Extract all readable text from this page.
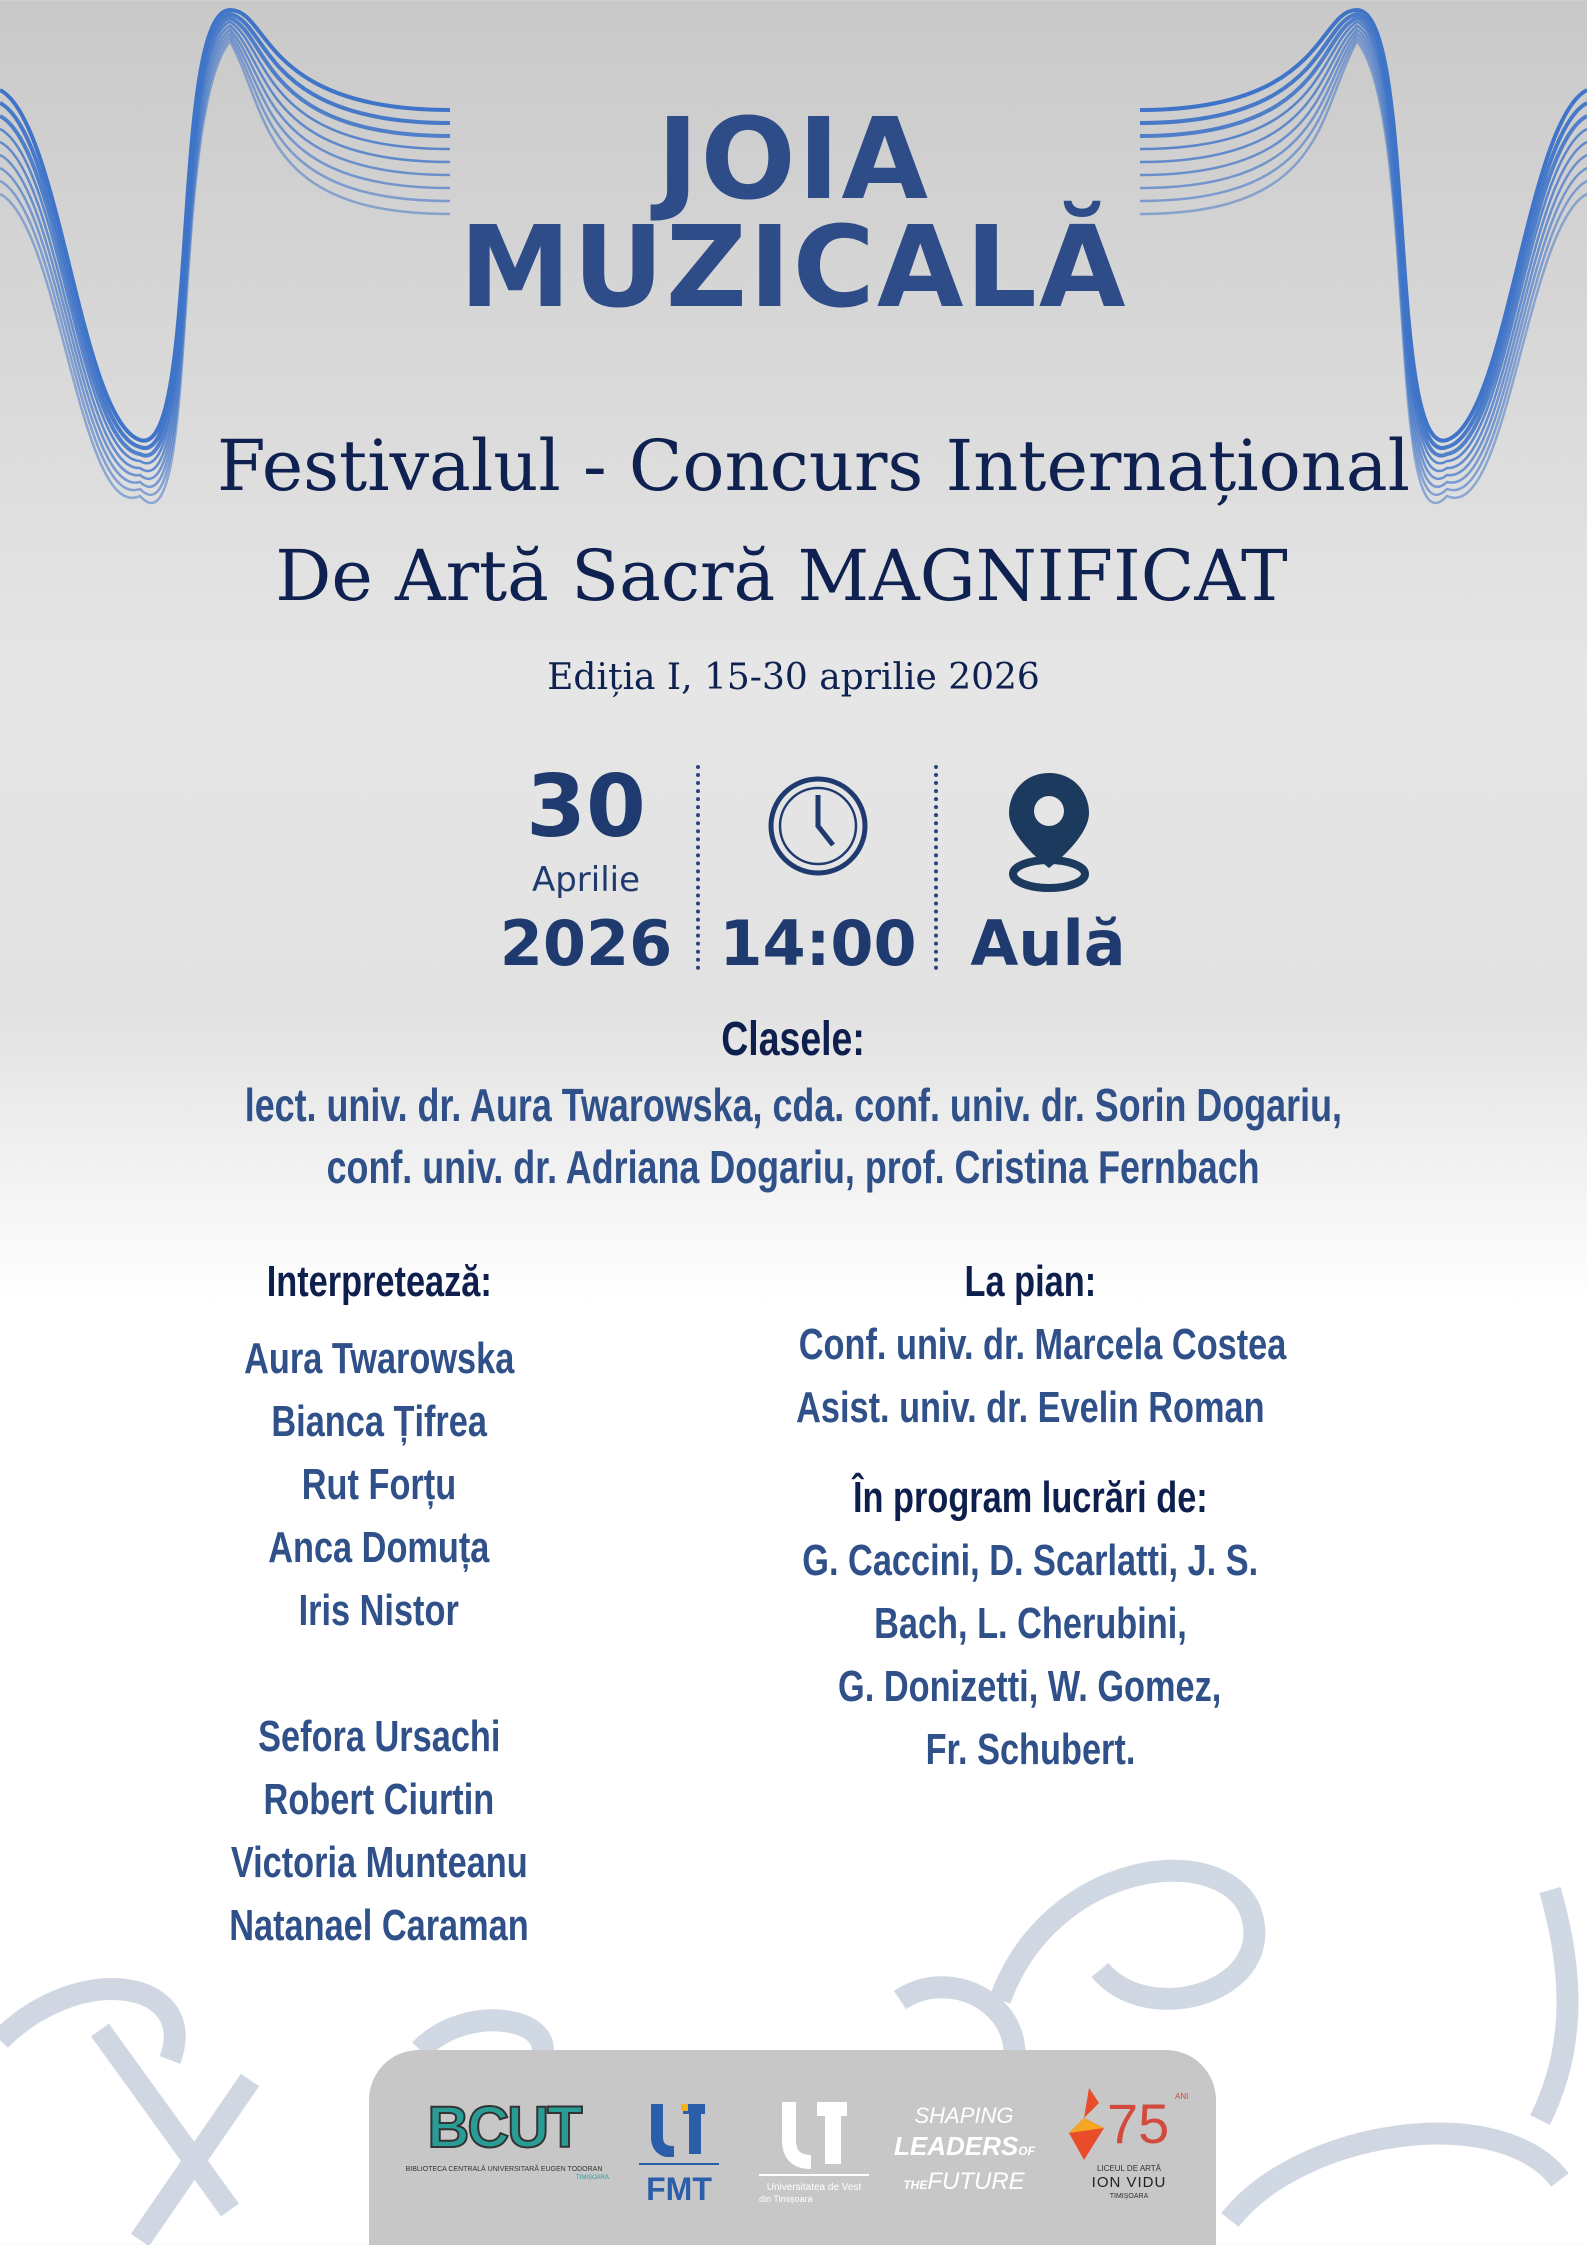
JOIA
MUZICALĂ
Festivalul - Concurs Internațional
De Artă Sacră MAGNIFICAT
Ediția I, 15-30 aprilie 2026
30
Aprilie
2026 14:00 Aulă
Clasele:
lect. univ. dr. Aura Twarowska, cda. conf. univ. dr. Sorin Dogariu,
conf. univ. dr. Adriana Dogariu, prof. Cristina Fernbach
Interpretează:
Aura Twarowska
Bianca Țifrea
Rut Forțu
Anca Domuța
Iris Nistor
Sefora Ursachi
Robert Ciurtin
Victoria Munteanu
Natanael Caraman
La pian:
Conf. univ. dr. Marcela Costea
Asist. univ. dr. Evelin Roman
În program lucrări de:
G. Caccini, D. Scarlatti, J. S.
Bach, L. Cherubini,
G. Donizetti, W. Gomez,
Fr. Schubert.
BCUT
BIBLIOTECA CENTRALĂ UNIVERSITARĂ EUGEN TODORAN
TIMIȘOARA FMT	Universitatea de Vest
din Timișoara
SHAPING
LEADERSOF
THEFUTURE
75 ANI
LICEUL DE ARTĂ
ION VIDU
TIMIȘOARA
